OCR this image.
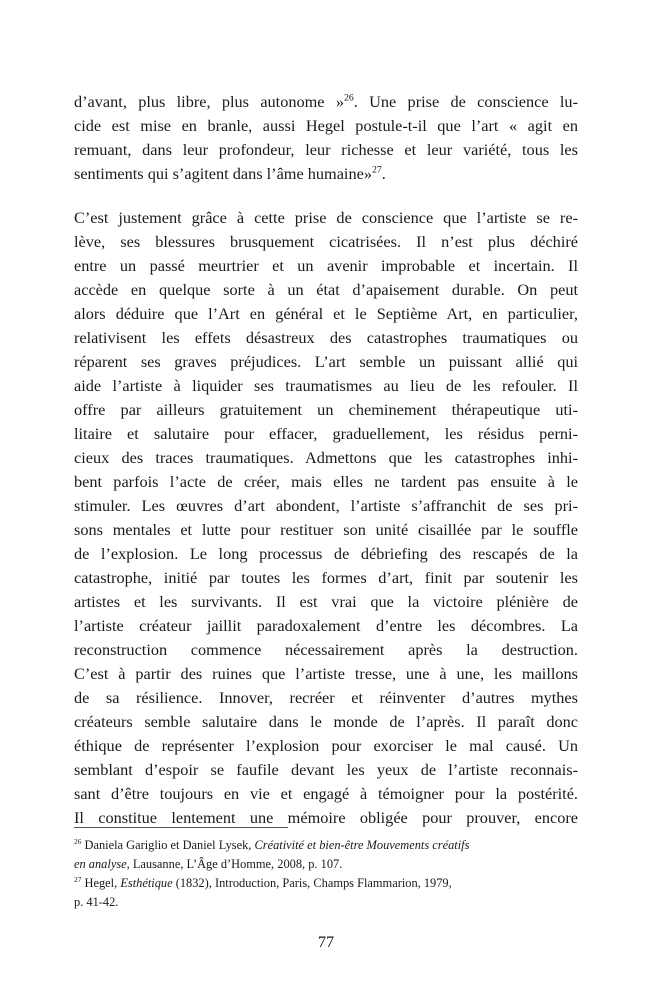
d’avant, plus libre, plus autonome »$^{26}$. Une prise de conscience lu-
cide est mise en branle, aussi Hegel postule-t-il que l’art « agit en
remuant, dans leur profondeur, leur richesse et leur variété, tous les
sentiments qui s’agitent dans l’âme humaine»$^{27}$.
C’est justement grâce à cette prise de conscience que l’artiste se re-
lève, ses blessures brusquement cicatrisées. Il n’est plus déchiré
entre un passé meurtrier et un avenir improbable et incertain. Il
accède en quelque sorte à un état d’apaisement durable. On peut
alors déduire que l’Art en général et le Septième Art, en particulier,
relativisent les effets désastreux des catastrophes traumatiques ou
réparent ses graves préjudices. L’art semble un puissant allié qui
aide l’artiste à liquider ses traumatismes au lieu de les refouler. Il
offre par ailleurs gratuitement un cheminement thérapeutique uti-
litaire et salutaire pour effacer, graduellement, les résidus perni-
cieux des traces traumatiques. Admettons que les catastrophes inhi-
bent parfois l’acte de créer, mais elles ne tardent pas ensuite à le
stimuler. Les œuvres d’art abondent, l’artiste s’affranchit de ses pri-
sons mentales et lutte pour restituer son unité cisaillée par le souffle
de l’explosion. Le long processus de débriefing des rescapés de la
catastrophe, initié par toutes les formes d’art, finit par soutenir les
artistes et les survivants. Il est vrai que la victoire plénière de
l’artiste créateur jaillit paradoxalement d’entre les décombres. La
reconstruction commence nécessairement après la destruction.
C’est à partir des ruines que l’artiste tresse, une à une, les maillons
de sa résilience. Innover, recréer et réinventer d’autres mythes
créateurs semble salutaire dans le monde de l’après. Il paraît donc
éthique de représenter l’explosion pour exorciser le mal causé. Un
semblant d’espoir se faufile devant les yeux de l’artiste reconnais-
sant d’être toujours en vie et engagé à témoigner pour la postérité.
Il constitue lentement une mémoire obligée pour prouver, encore
$^{26}$ Daniela Gariglio et Daniel Lysek, Créativité et bien-être Mouvements créatifs
en analyse, Lausanne, L’Âge d’Homme, 2008, p. 107.
$^{27}$ Hegel, Esthétique (1832), Introduction, Paris, Champs Flammarion, 1979,
p. 41-42.
77
